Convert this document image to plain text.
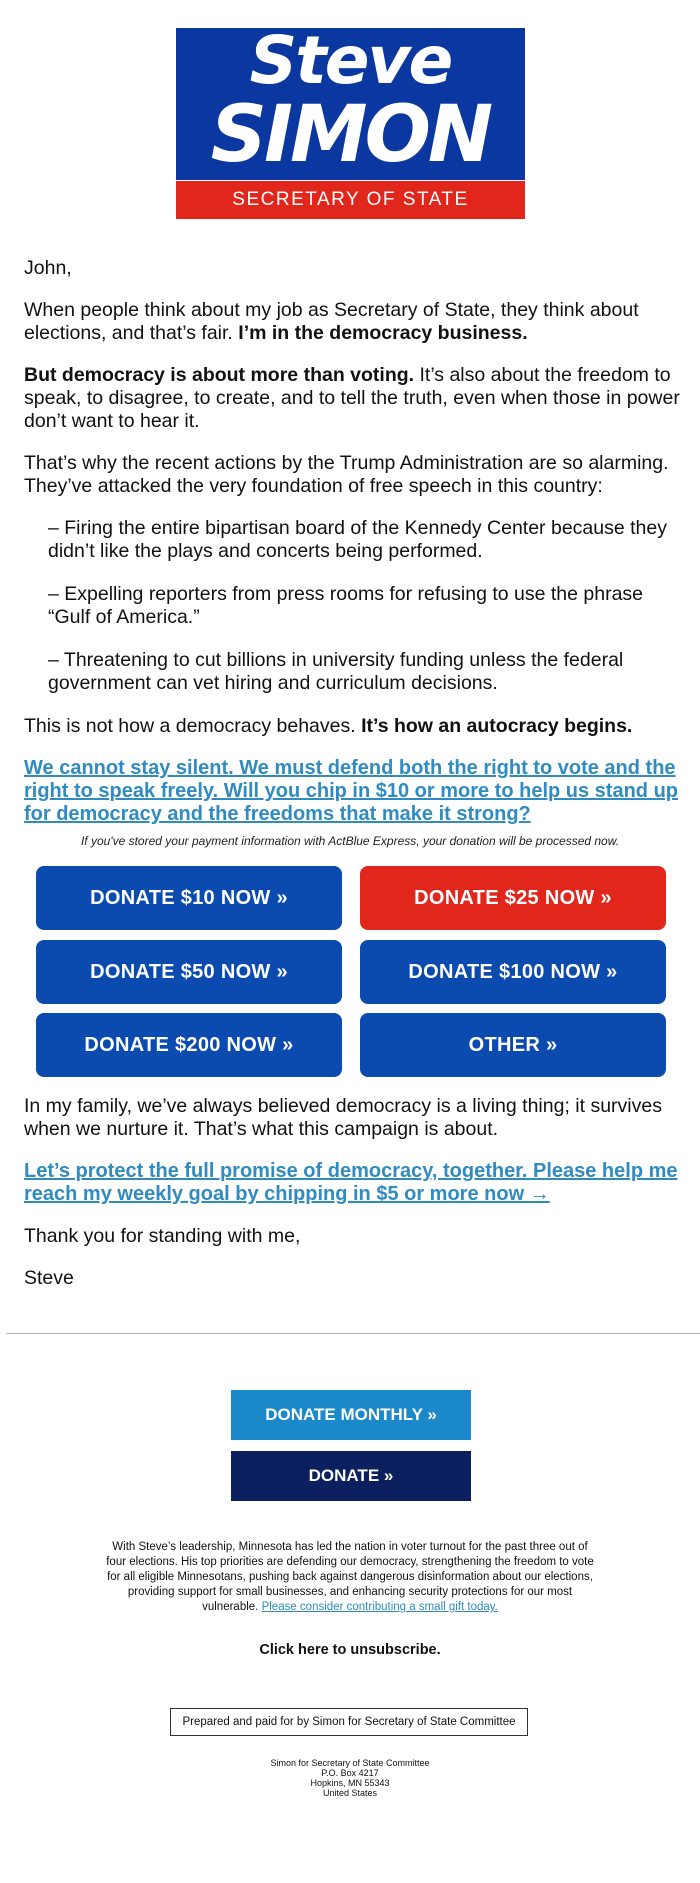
Steve
SIMON
SECRETARY OF STATE

John,

When people think about my job as Secretary of State, they think about elections, and that’s fair. I’m in the democracy business.

But democracy is about more than voting. It’s also about the freedom to speak, to disagree, to create, and to tell the truth, even when those in power don’t want to hear it.

That’s why the recent actions by the Trump Administration are so alarming. They’ve attacked the very foundation of free speech in this country:

– Firing the entire bipartisan board of the Kennedy Center because they didn’t like the plays and concerts being performed.

– Expelling reporters from press rooms for refusing to use the phrase “Gulf of America.”

– Threatening to cut billions in university funding unless the federal government can vet hiring and curriculum decisions.

This is not how a democracy behaves. It’s how an autocracy begins.

We cannot stay silent. We must defend both the right to vote and the right to speak freely. Will you chip in $10 or more to help us stand up for democracy and the freedoms that make it strong?

If you've stored your payment information with ActBlue Express, your donation will be processed now.
DONATE $10 NOW »	DONATE $25 NOW »
DONATE $50 NOW »	DONATE $100 NOW »
DONATE $200 NOW »	OTHER »

In my family, we’ve always believed democracy is a living thing; it survives when we nurture it. That’s what this campaign is about.

Let’s protect the full promise of democracy, together. Please help me reach my weekly goal by chipping in $5 or more now →

Thank you for standing with me,

Steve

DONATE MONTHLY »
DONATE »
With Steve’s leadership, Minnesota has led the nation in voter turnout for the past three out of four elections. His top priorities are defending our democracy, strengthening the freedom to vote for all eligible Minnesotans, pushing back against dangerous disinformation about our elections, providing support for small businesses, and enhancing security protections for our most vulnerable. Please consider contributing a small gift today.
Click here to unsubscribe.
Prepared and paid for by Simon for Secretary of State Committee
Simon for Secretary of State Committee
P.O. Box 4217
Hopkins, MN 55343
United States
